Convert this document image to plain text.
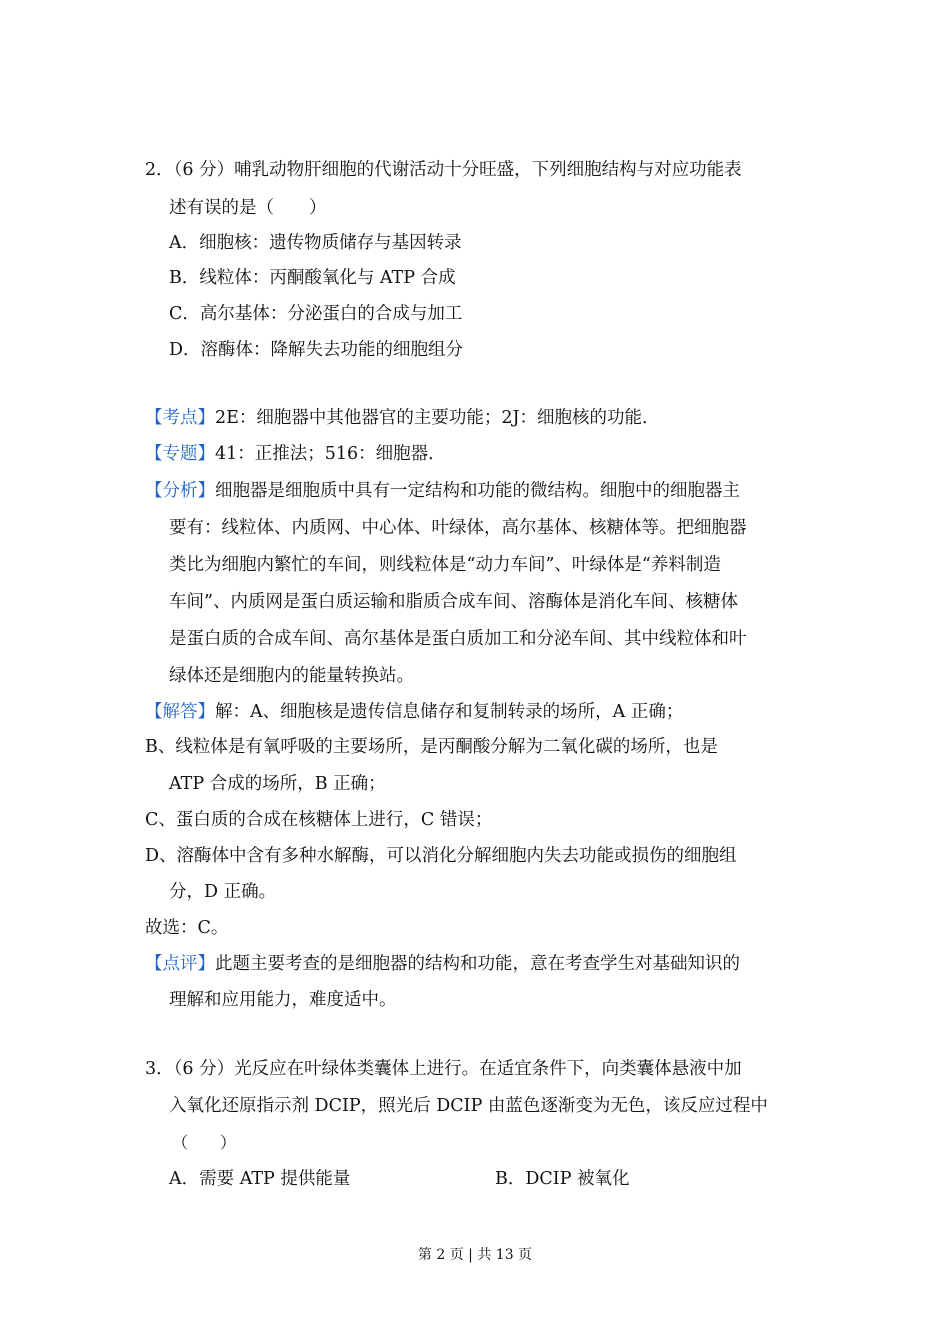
2．（6 分）哺乳动物肝细胞的代谢活动十分旺盛，下列细胞结构与对应功能表
述有误的是（　　）
A．细胞核：遗传物质储存与基因转录
B．线粒体：丙酮酸氧化与 ATP 合成
C．高尔基体：分泌蛋白的合成与加工
D．溶酶体：降解失去功能的细胞组分
【考点】2E：细胞器中其他器官的主要功能；2J：细胞核的功能．
【专题】41：正推法；516：细胞器．
【分析】细胞器是细胞质中具有一定结构和功能的微结构。细胞中的细胞器主
要有：线粒体、内质网、中心体、叶绿体，高尔基体、核糖体等。把细胞器
类比为细胞内繁忙的车间，则线粒体是“动力车间”、叶绿体是“养料制造
车间”、内质网是蛋白质运输和脂质合成车间、溶酶体是消化车间、核糖体
是蛋白质的合成车间、高尔基体是蛋白质加工和分泌车间、其中线粒体和叶
绿体还是细胞内的能量转换站。
【解答】解：A、细胞核是遗传信息储存和复制转录的场所，A 正确；
B、线粒体是有氧呼吸的主要场所，是丙酮酸分解为二氧化碳的场所，也是
ATP 合成的场所，B 正确；
C、蛋白质的合成在核糖体上进行，C 错误；
D、溶酶体中含有多种水解酶，可以消化分解细胞内失去功能或损伤的细胞组
分，D 正确。
故选：C。
【点评】此题主要考查的是细胞器的结构和功能，意在考查学生对基础知识的
理解和应用能力，难度适中。
3．（6 分）光反应在叶绿体类囊体上进行。在适宜条件下，向类囊体悬液中加
入氧化还原指示剂 DCIP，照光后 DCIP 由蓝色逐渐变为无色，该反应过程中
（　　）
A．需要 ATP 提供能量	B．DCIP 被氧化
第 2 页 | 共 13 页
